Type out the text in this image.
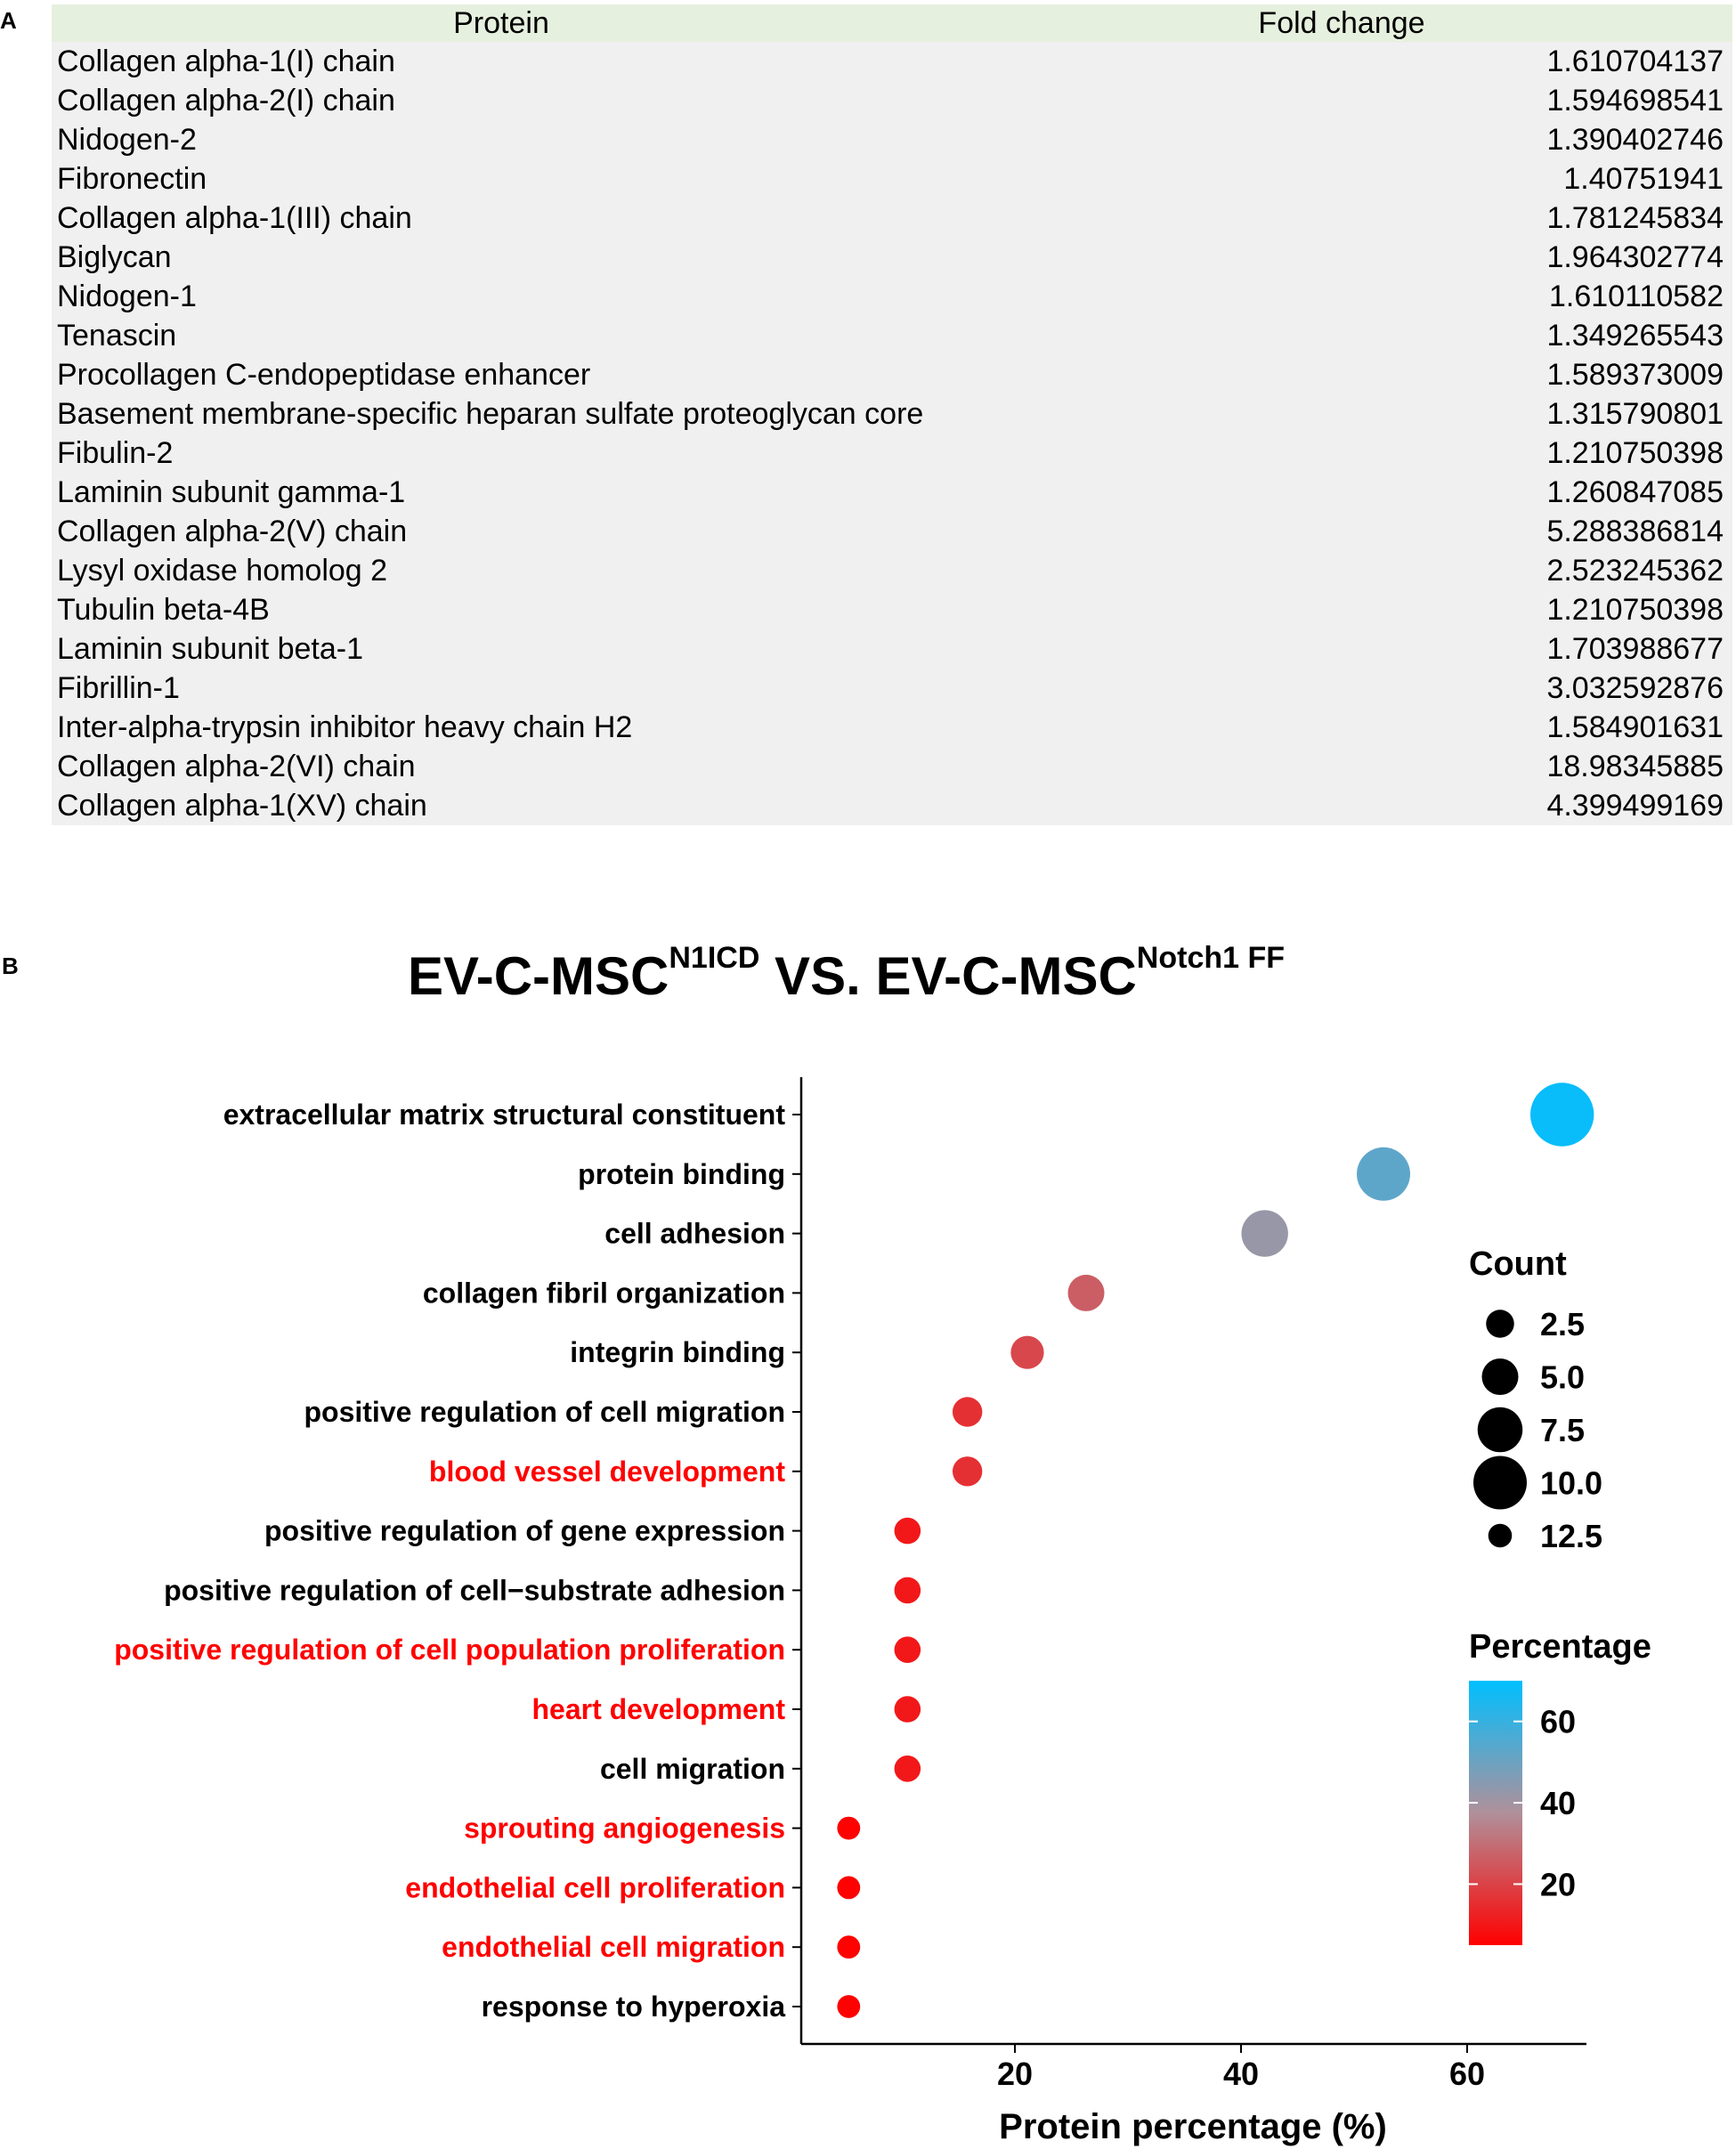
A
B
Protein	Fold change
Collagen alpha-1(I) chain	1.610704137
Collagen alpha-2(I) chain	1.594698541
Nidogen-2	1.390402746
Fibronectin	1.40751941
Collagen alpha-1(III) chain	1.781245834
Biglycan	1.964302774
Nidogen-1	1.610110582
Tenascin	1.349265543
Procollagen C-endopeptidase enhancer	1.589373009
Basement membrane-specific heparan sulfate proteoglycan core	1.315790801
Fibulin-2	1.210750398
Laminin subunit gamma-1	1.260847085
Collagen alpha-2(V) chain	5.288386814
Lysyl oxidase homolog 2	2.523245362
Tubulin beta-4B	1.210750398
Laminin subunit beta-1	1.703988677
Fibrillin-1	3.032592876
Inter-alpha-trypsin inhibitor heavy chain H2	1.584901631
Collagen alpha-2(VI) chain	18.98345885
Collagen alpha-1(XV) chain	4.399499169
$EV-C-MSC^{N1ICD}$ VS. $EV-C-MSC^{Notch1 FF}$
extracellular matrix structural constituent
protein binding
cell adhesion
collagen fibril organization
integrin binding
positive regulation of cell migration
blood vessel development
positive regulation of gene expression
positive regulation of cell−substrate adhesion
positive regulation of cell population proliferation
heart development
cell migration
sprouting angiogenesis
endothelial cell proliferation
endothelial cell migration
response to hyperoxia
20	40	60
Protein percentage (%)
Count
2.5
5.0
7.5
10.0
12.5
Percentage
60
40
20
